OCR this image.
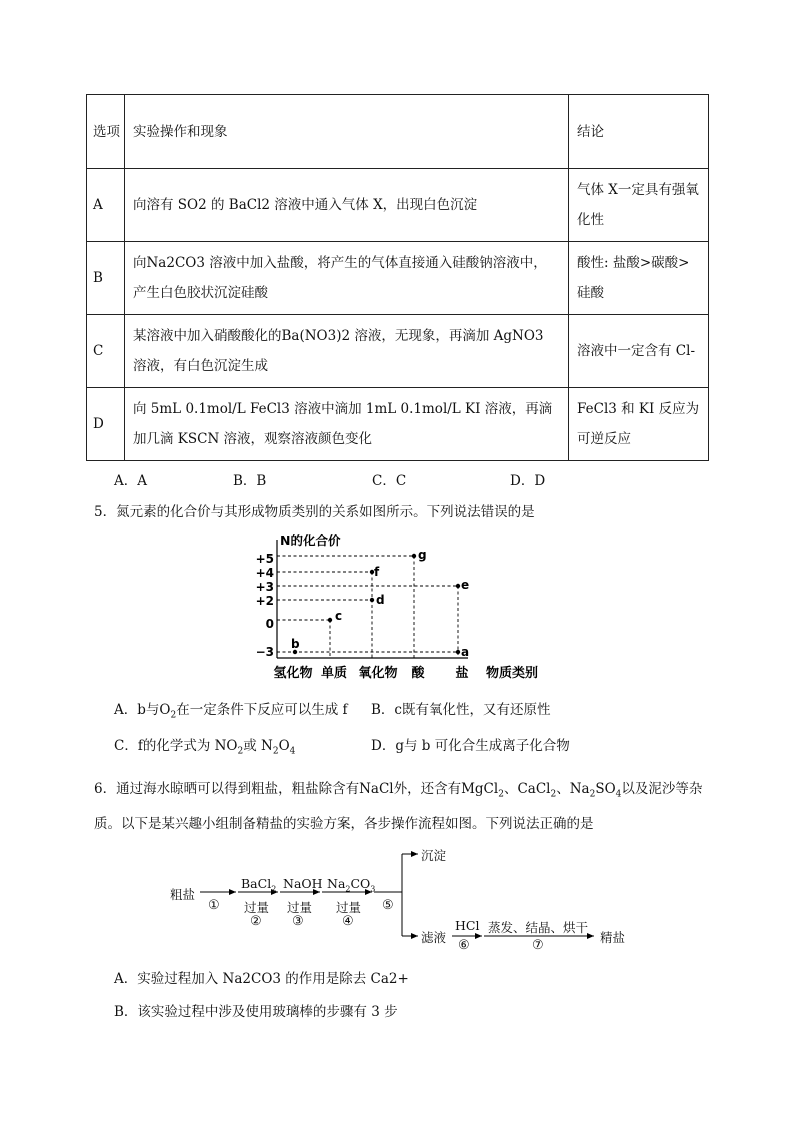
选项	实验操作和现象	结论
A	向溶有 SO2 的 BaCl2 溶液中通入气体 X，出现白色沉淀	气体 X一定具有强氧化性
B	向Na2CO3 溶液中加入盐酸，将产生的气体直接通入硅酸钠溶液中，产生白色胶状沉淀硅酸	酸性: 盐酸>碳酸>硅酸
C	某溶液中加入硝酸酸化的Ba(NO3)2 溶液，无现象，再滴加 AgNO3 溶液，有白色沉淀生成	溶液中一定含有 Cl-
D	向 5mL 0.1mol/L FeCl3 溶液中滴加 1mL 0.1mol/L KI 溶液，再滴加几滴 KSCN 溶液，观察溶液颜色变化	FeCl3 和 KI 反应为可逆反应
A．A	B．B	C．C	D．D
5．氮元素的化合价与其形成物质类别的关系如图所示。下列说法错误的是
N的化合价
+5
+4
+3
+2
0
−3
b
c
d
f
g
e
a
氢化物 单质 氧化物 酸 盐 物质类别
A．b与$O_2$在一定条件下反应可以生成 f B．c既有氧化性，又有还原性
C．f的化学式为 $NO_2$或 $N_2O_4$	D．g与 b 可化合生成离子化合物
6．通过海水晾晒可以得到粗盐，粗盐除含有NaCl外，还含有MgCl$_2$、CaCl$_2$、$Na_2SO_4$以及泥沙等杂
质。以下是某兴趣小组制备精盐的实验方案，各步操作流程如图。下列说法正确的是
粗盐
①
BaCl$_2$
过量
②
NaOH
过量
③
$Na_2CO_3$
过量
④
⑤
沉淀
滤液
HCl
⑥
蒸发、结晶、烘干
⑦
精盐
A．实验过程加入 Na2CO3 的作用是除去 Ca2+
B．该实验过程中涉及使用玻璃棒的步骤有 3 步
